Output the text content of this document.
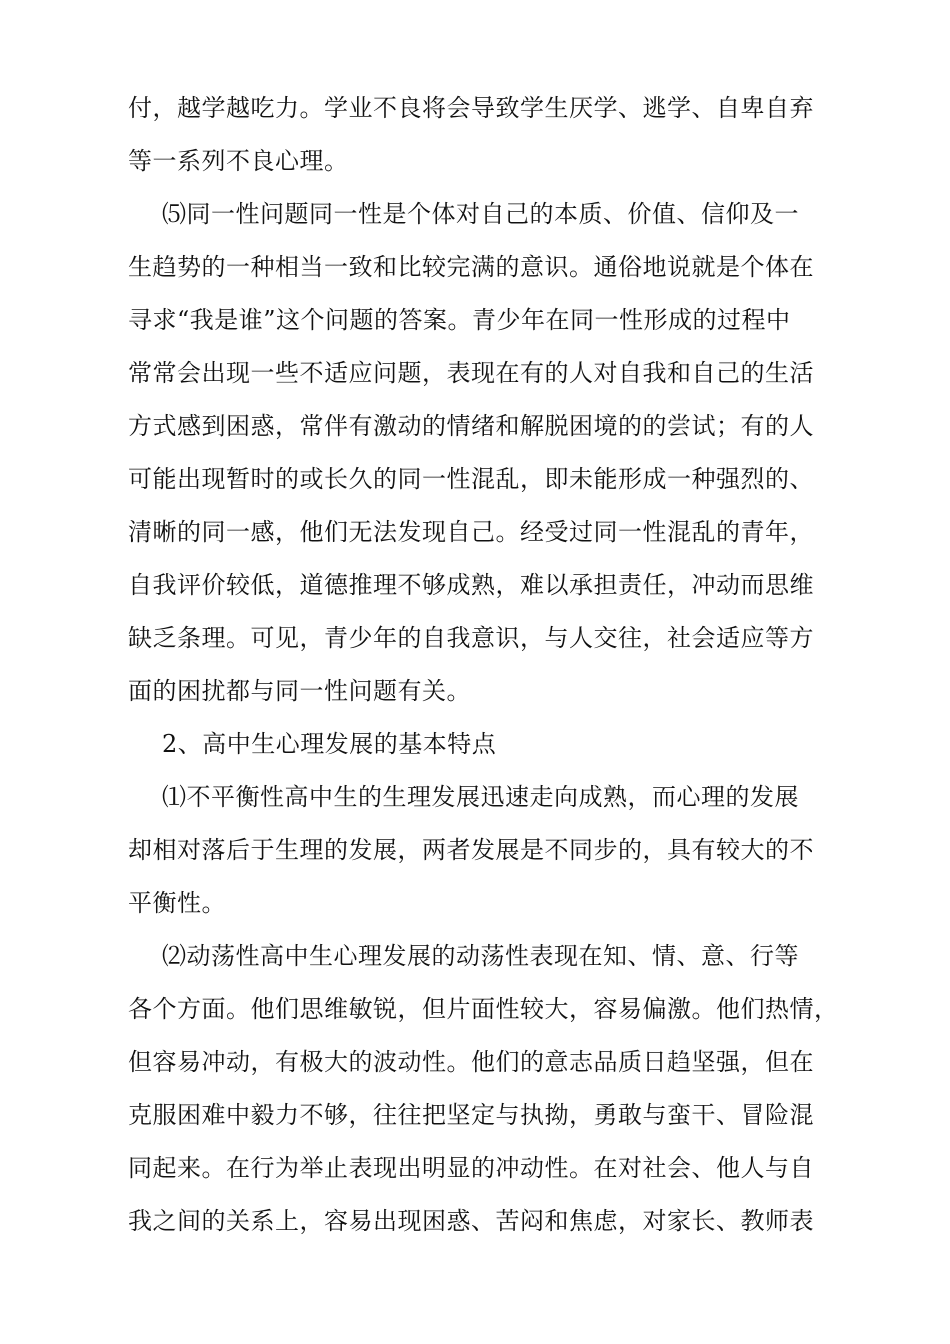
付，越学越吃力。学业不良将会导致学生厌学、逃学、自卑自弃
等一系列不良心理。
⑸同一性问题同一性是个体对自己的本质、价值、信仰及一
生趋势的一种相当一致和比较完满的意识。通俗地说就是个体在
寻求“我是谁”这个问题的答案。青少年在同一性形成的过程中
常常会出现一些不适应问题，表现在有的人对自我和自己的生活
方式感到困惑，常伴有激动的情绪和解脱困境的的尝试；有的人
可能出现暂时的或长久的同一性混乱，即未能形成一种强烈的、
清晰的同一感，他们无法发现自己。经受过同一性混乱的青年，
自我评价较低，道德推理不够成熟，难以承担责任，冲动而思维
缺乏条理。可见，青少年的自我意识，与人交往，社会适应等方
面的困扰都与同一性问题有关。
2、高中生心理发展的基本特点
⑴不平衡性高中生的生理发展迅速走向成熟，而心理的发展
却相对落后于生理的发展，两者发展是不同步的，具有较大的不
平衡性。
⑵动荡性高中生心理发展的动荡性表现在知、情、意、行等
各个方面。他们思维敏锐，但片面性较大，容易偏激。他们热情，
但容易冲动，有极大的波动性。他们的意志品质日趋坚强，但在
克服困难中毅力不够，往往把坚定与执拗，勇敢与蛮干、冒险混
同起来。在行为举止表现出明显的冲动性。在对社会、他人与自
我之间的关系上，容易出现困惑、苦闷和焦虑，对家长、教师表
